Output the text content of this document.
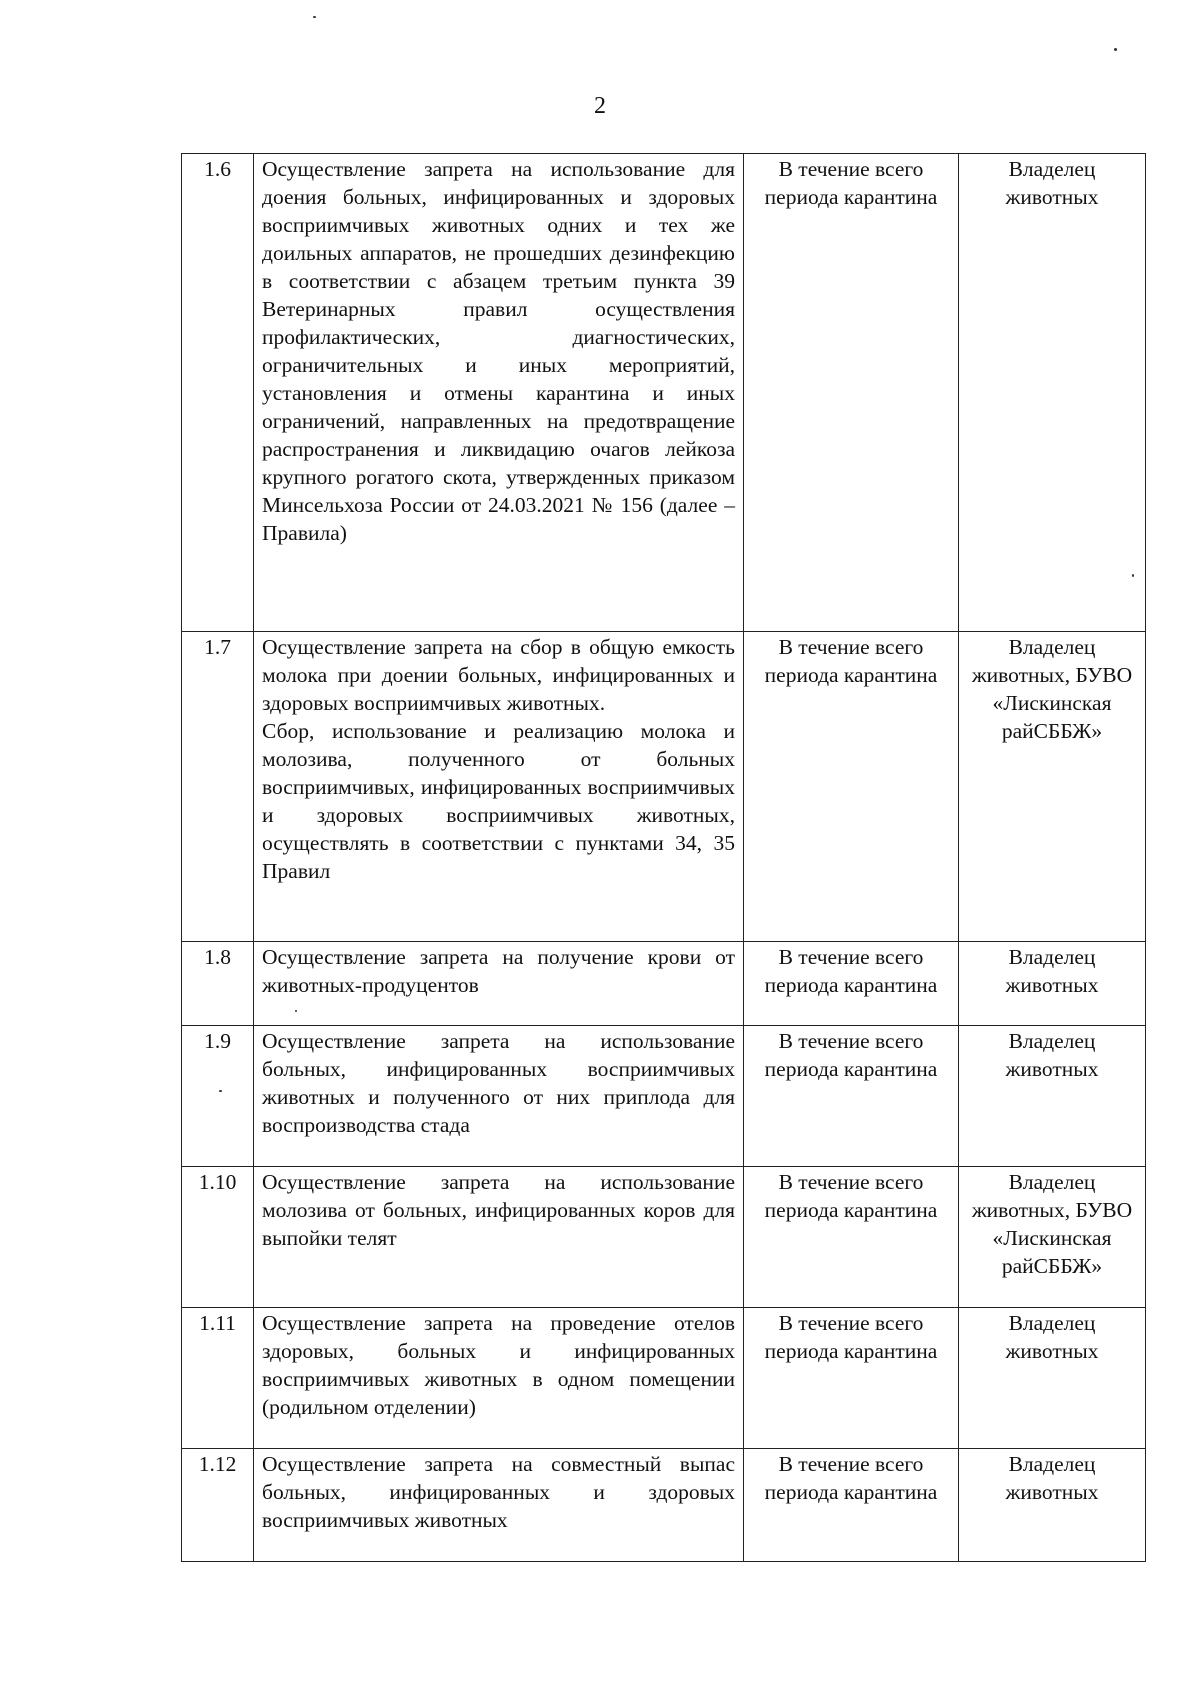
2
1.6	Осуществление запрета на использование для доения больных, инфицированных и здоровых восприимчивых животных одних и тех же доильных аппаратов, не прошедших дезинфекцию в соответствии с абзацем третьим пункта 39 Ветеринарных правил осуществления профилактических, диагностических, ограничительных и иных мероприятий, установления и отмены карантина и иных ограничений, направленных на предотвращение распространения и ликвидацию очагов лейкоза крупного рогатого скота, утвержденных приказом Минсельхоза России от 24.03.2021 № 156 (далее – Правила)	В течение всего периода карантина	Владелец животных
1.7	Осуществление запрета на сбор в общую емкость молока при доении больных, инфицированных и здоровых восприимчивых животных.
Сбор, использование и реализацию молока и молозива, полученного от больных восприимчивых, инфицированных восприимчивых и здоровых восприимчивых животных, осуществлять в соответствии с пунктами 34, 35 Правил	В течение всего периода карантина	Владелец животных, БУВО «Лискинская райСББЖ»
1.8	Осуществление запрета на получение крови от животных-продуцентов	В течение всего периода карантина	Владелец животных
1.9	Осуществление запрета на использование больных, инфицированных восприимчивых животных и полученного от них приплода для воспроизводства стада	В течение всего периода карантина	Владелец животных
1.10	Осуществление запрета на использование молозива от больных, инфицированных коров для выпойки телят	В течение всего периода карантина	Владелец животных, БУВО «Лискинская райСББЖ»
1.11	Осуществление запрета на проведение отелов здоровых, больных и инфицированных восприимчивых животных в одном помещении (родильном отделении)	В течение всего периода карантина	Владелец животных
1.12	Осуществление запрета на совместный выпас больных, инфицированных и здоровых восприимчивых животных	В течение всего периода карантина	Владелец животных
